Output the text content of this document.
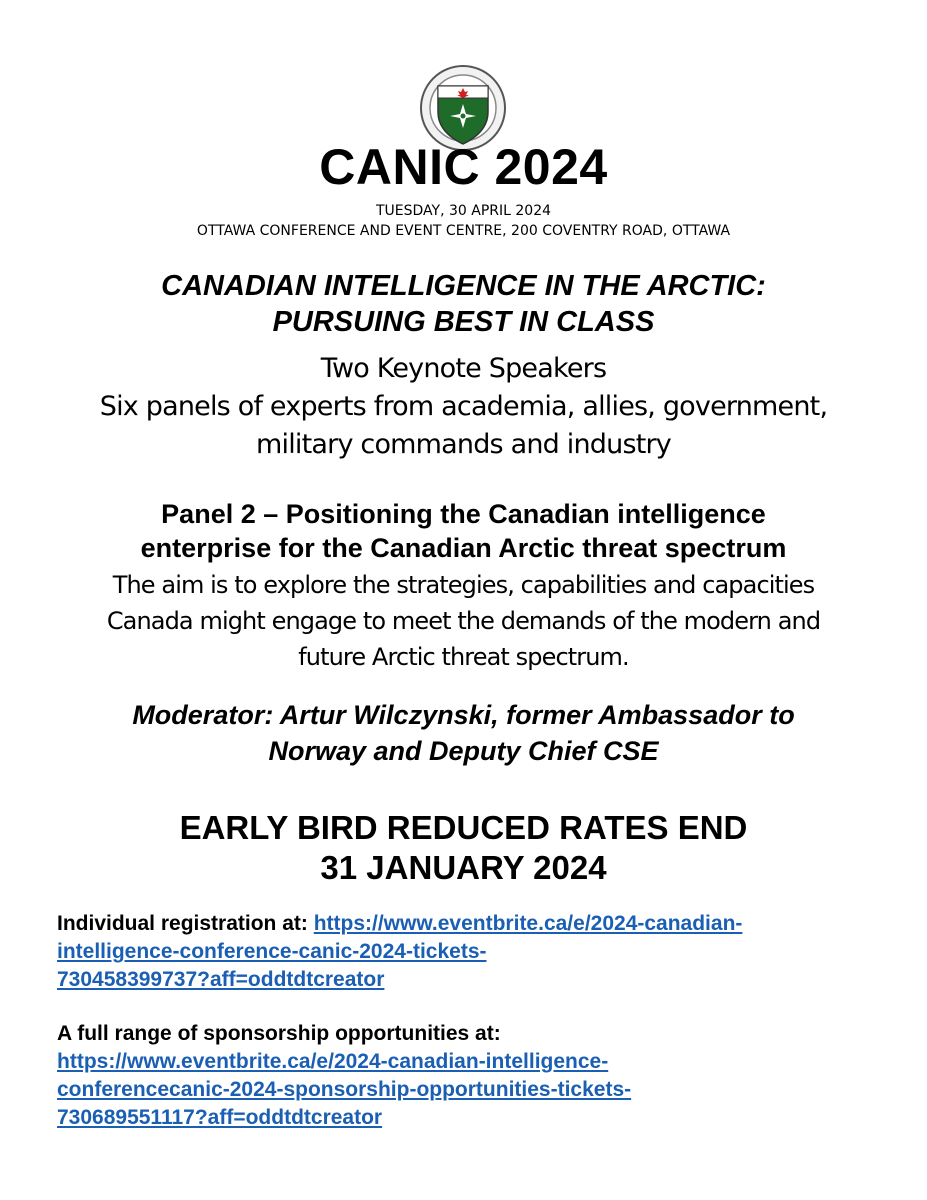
CANIC 2024
TUESDAY, 30 APRIL 2024
OTTAWA CONFERENCE AND EVENT CENTRE, 200 COVENTRY ROAD, OTTAWA
CANADIAN INTELLIGENCE IN THE ARCTIC:
PURSUING BEST IN CLASS
Two Keynote Speakers
Six panels of experts from academia, allies, government,
military commands and industry
Panel 2 – Positioning the Canadian intelligence
enterprise for the Canadian Arctic threat spectrum
The aim is to explore the strategies, capabilities and capacities
Canada might engage to meet the demands of the modern and
future Arctic threat spectrum.
Moderator: Artur Wilczynski, former Ambassador to
Norway and Deputy Chief CSE
EARLY BIRD REDUCED RATES END
31 JANUARY 2024
Individual registration at: https://www.eventbrite.ca/e/2024-canadian-
intelligence-conference-canic-2024-tickets-
730458399737?aff=oddtdtcreator
A full range of sponsorship opportunities at:
https://www.eventbrite.ca/e/2024-canadian-intelligence-
conferencecanic-2024-sponsorship-opportunities-tickets-
730689551117?aff=oddtdtcreator
